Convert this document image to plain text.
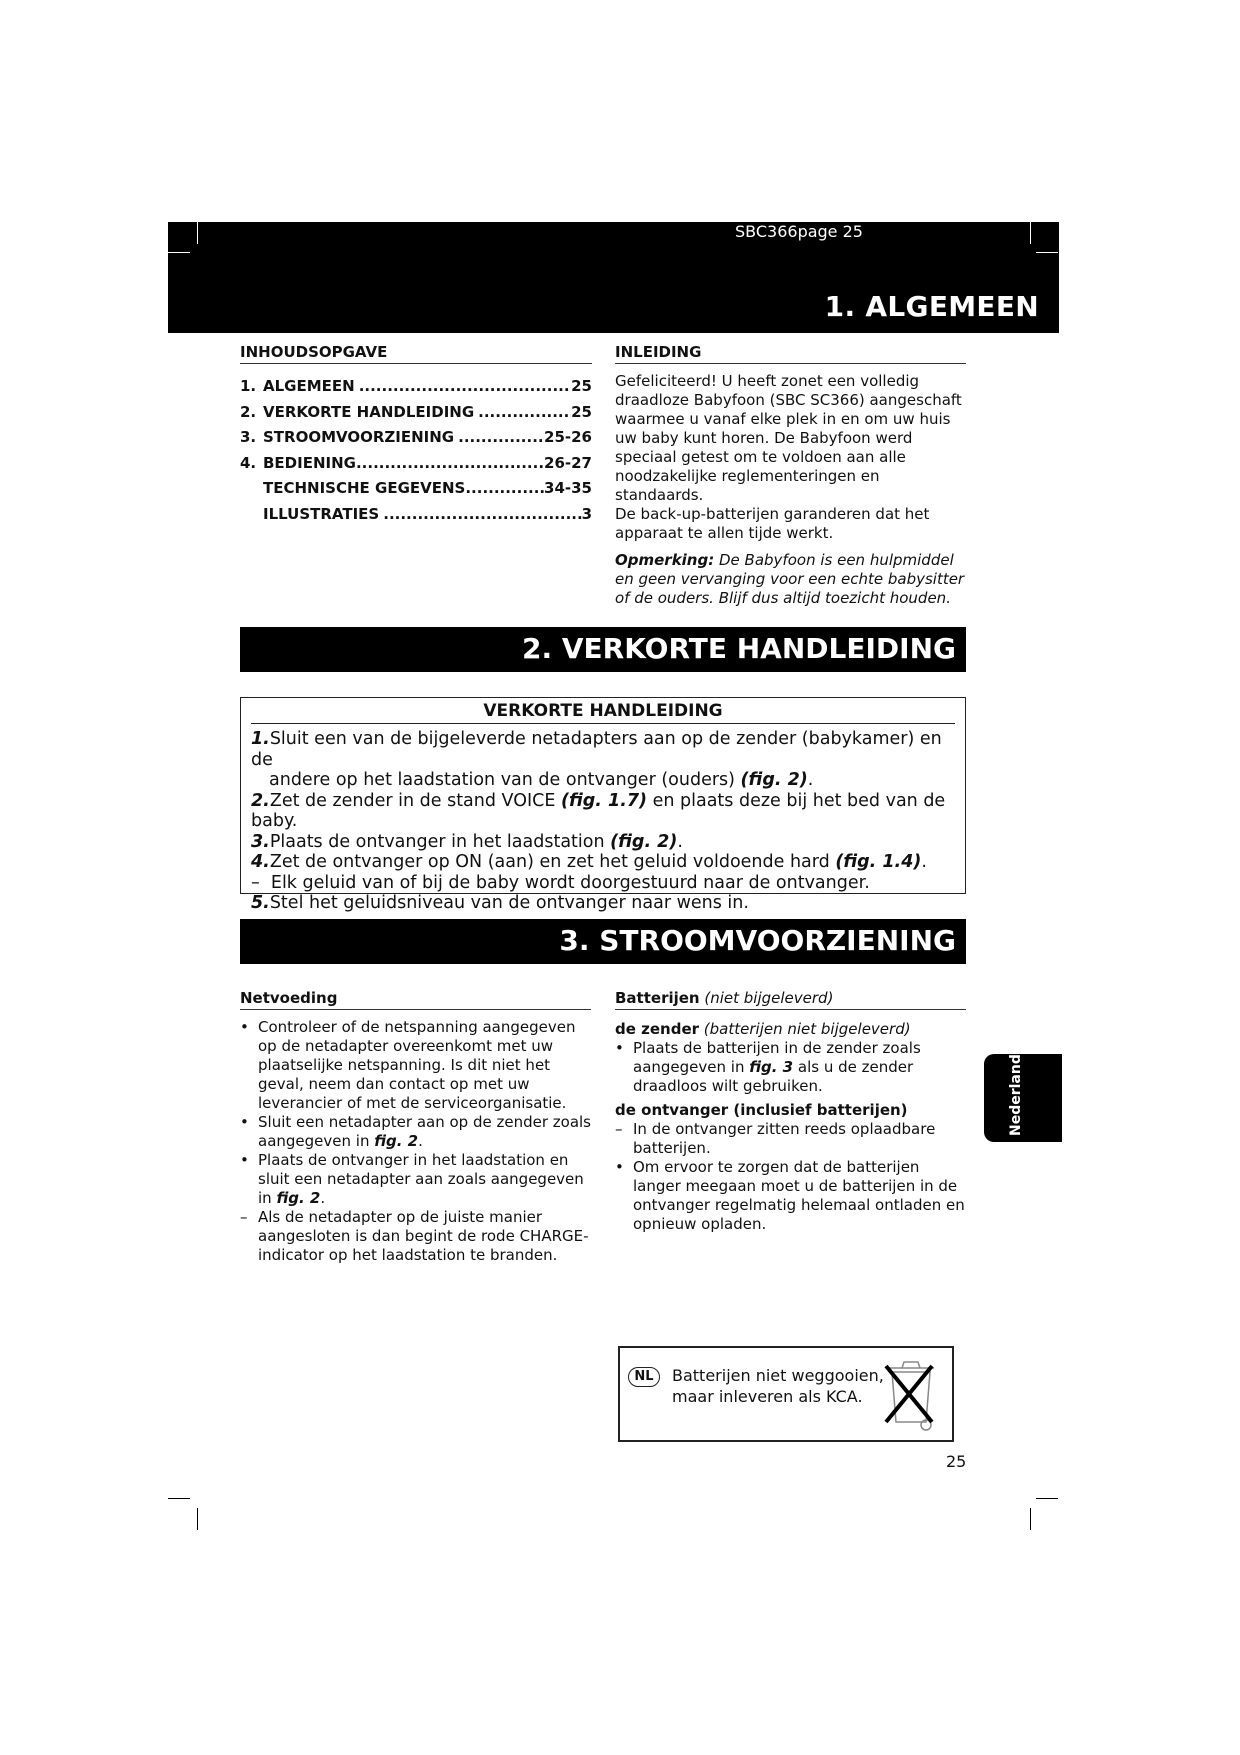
SBC366page 25
1. ALGEMEEN
INHOUDSOPGAVE
1. ALGEMEEN .....	25
2. VERKORTE HANDLEIDING .....	25
3. STROOMVOORZIENING .....	25-26
4. BEDIENING .....	26-27
TECHNISCHE GEGEVENS .....	34-35
ILLUSTRATIES .....	3
INLEIDING
Gefeliciteerd! U heeft zonet een volledig
draadloze Babyfoon (SBC SC366) aangeschaft
waarmee u vanaf elke plek in en om uw huis
uw baby kunt horen. De Babyfoon werd
speciaal getest om te voldoen aan alle
noodzakelijke reglementeringen en standaards.
De back-up-batterijen garanderen dat het
apparaat te allen tijde werkt.
Opmerking: De Babyfoon is een hulpmiddel
en geen vervanging voor een echte babysitter
of de ouders. Blijf dus altijd toezicht houden.
2. VERKORTE HANDLEIDING
VERKORTE HANDLEIDING
1.Sluit een van de bijgeleverde netadapters aan op de zender (babykamer) en de
andere op het laadstation van de ontvanger (ouders) (fig. 2).
2.Zet de zender in de stand VOICE (fig. 1.7) en plaats deze bij het bed van de baby.
3.Plaats de ontvanger in het laadstation (fig. 2).
4.Zet de ontvanger op ON (aan) en zet het geluid voldoende hard (fig. 1.4).
– Elk geluid van of bij de baby wordt doorgestuurd naar de ontvanger.
5.Stel het geluidsniveau van de ontvanger naar wens in.
3. STROOMVOORZIENING
Netvoeding
• Controleer of de netspanning aangegeven op de netadapter overeenkomt met uw plaatselijke netspanning. Is dit niet het geval, neem dan contact op met uw leverancier of met de serviceorganisatie.
• Sluit een netadapter aan op de zender zoals aangegeven in fig. 2.
• Plaats de ontvanger in het laadstation en sluit een netadapter aan zoals aangegeven in fig. 2.
– Als de netadapter op de juiste manier aangesloten is dan begint de rode CHARGE-indicator op het laadstation te branden.
Batterijen (niet bijgeleverd)
de zender (batterijen niet bijgeleverd)
• Plaats de batterijen in de zender zoals aangegeven in fig. 3 als u de zender draadloos wilt gebruiken.
de ontvanger (inclusief batterijen)
– In de ontvanger zitten reeds oplaadbare batterijen.
• Om ervoor te zorgen dat de batterijen langer meegaan moet u de batterijen in de ontvanger regelmatig helemaal ontladen en opnieuw opladen.
Nederlands
NL	Batterijen niet weggooien,
maar inleveren als KCA.
25
